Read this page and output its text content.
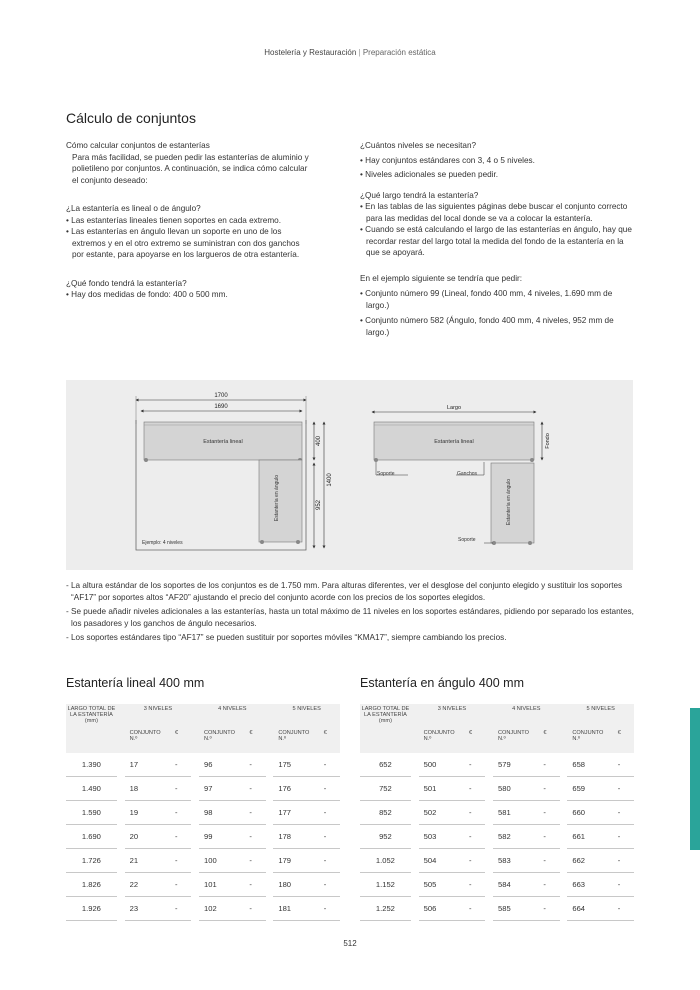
Hostelería y Restauración | Preparación estática
Cálculo de conjuntos

Cómo calcular conjuntos de estanterías

Para más facilidad, se pueden pedir las estanterías de aluminio y polietileno por conjuntos. A continuación, se indica cómo calcular el conjunto deseado:

¿La estantería es lineal o de ángulo?

• Las estanterías lineales tienen soportes en cada extremo.

• Las estanterías en ángulo llevan un soporte en uno de los extremos y en el otro extremo se suministran con dos ganchos por estante, para apoyarse en los largueros de otra estantería.

¿Qué fondo tendrá la estantería?

• Hay dos medidas de fondo: 400 o 500 mm.

¿Cuántos niveles se necesitan?

• Hay conjuntos estándares con 3, 4 o 5 niveles.

• Niveles adicionales se pueden pedir.

¿Qué largo tendrá la estantería?

• En las tablas de las siguientes páginas debe buscar el conjunto correcto para las medidas del local donde se va a colocar la estantería.

• Cuando se está calculando el largo de las estanterías en ángulo, hay que recordar restar del largo total la medida del fondo de la estantería en la que se apoyará.

En el ejemplo siguiente se tendría que pedir:

• Conjunto número 99 (Lineal, fondo 400 mm, 4 niveles, 1.690 mm de largo.)

• Conjunto número 582 (Ángulo, fondo 400 mm, 4 niveles, 952 mm de largo.)

1700
1690
Estantería lineal
Estantería en ángulo
Ejemplo: 4 niveles
400
952
1400
Largo
Estantería lineal	Fondo
Estantería en ángulo
Soporte	Ganchos
Soporte

- La altura estándar de los soportes de los conjuntos es de 1.750 mm. Para alturas diferentes, ver el desglose del conjunto elegido y sustituir los soportes “AF17” por soportes altos “AF20” ajustando el precio del conjunto acorde con los precios de los soportes elegidos.

- Se puede añadir niveles adicionales a las estanterías, hasta un total máximo de 11 niveles en los soportes estándares, pidiendo por separado los estantes, los pasadores y los ganchos de ángulo necesarios.

- Los soportes estándares tipo “AF17” se pueden sustituir por soportes móviles “KMA17”, siempre cambiando los precios.

Estantería lineal 400 mm	Estantería en ángulo 400 mm
LARGO TOTAL DE LA ESTANTERÍA (mm)		3 NIVELES			4 NIVELES			5 NIVELES	
		CONJUNTO N.º	€		CONJUNTO N.º	€		CONJUNTO N.º	€
1.390		17	-		96	-		175	-
1.490		18	-		97	-		176	-
1.590		19	-		98	-		177	-
1.690		20	-		99	-		178	-
1.726		21	-		100	-		179	-
1.826		22	-		101	-		180	-
1.926		23	-		102	-		181	-
LARGO TOTAL DE LA ESTANTERÍA (mm)		3 NIVELES			4 NIVELES			5 NIVELES	
		CONJUNTO N.º	€		CONJUNTO N.º	€		CONJUNTO N.º	€
652		500	-		579	-		658	-
752		501	-		580	-		659	-
852		502	-		581	-		660	-
952		503	-		582	-		661	-
1.052		504	-		583	-		662	-
1.152		505	-		584	-		663	-
1.252		506	-		585	-		664	-
512
